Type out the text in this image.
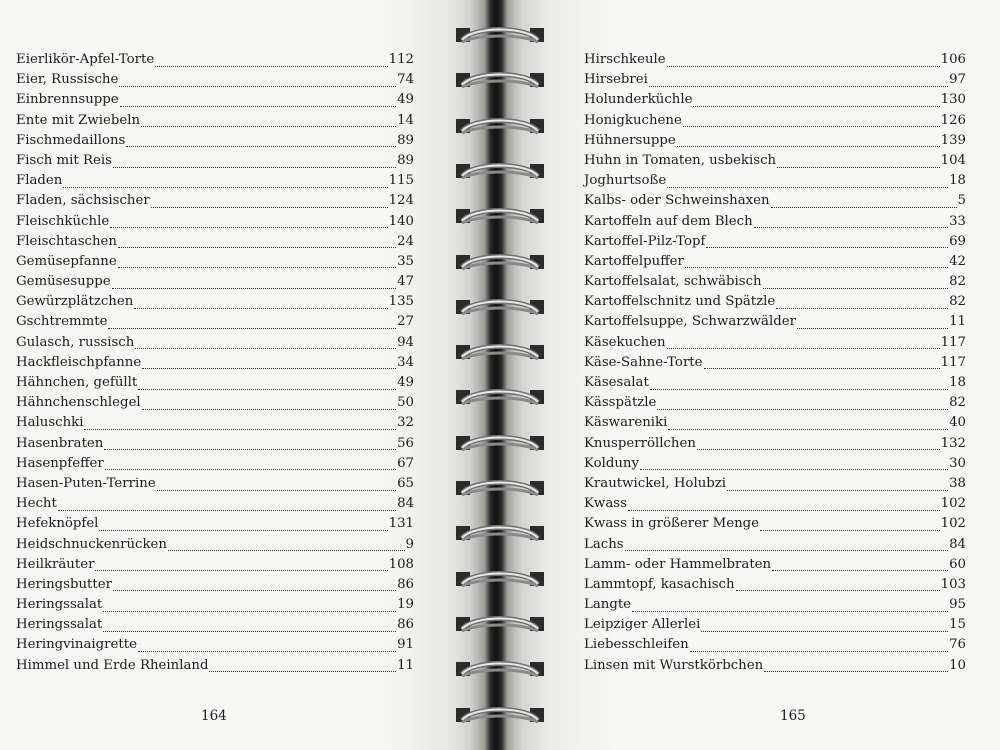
Eierlikör-Apfel-Torte	112
Eier, Russische	74
Einbrennsuppe	49
Ente mit Zwiebeln	14
Fischmedaillons	89
Fisch mit Reis	89
Fladen	115
Fladen, sächsischer	124
Fleischküchle	140
Fleischtaschen	24
Gemüsepfanne	35
Gemüsesuppe	47
Gewürzplätzchen	135
Gschtremmte	27
Gulasch, russisch	94
Hackfleischpfanne	34
Hähnchen, gefüllt	49
Hähnchenschlegel	50
Haluschki	32
Hasenbraten	56
Hasenpfeffer	67
Hasen-Puten-Terrine	65
Hecht	84
Hefeknöpfel	131
Heidschnuckenrücken	9
Heilkräuter	108
Heringsbutter	86
Heringssalat	19
Heringssalat	86
Heringvinaigrette	91
Himmel und Erde Rheinland	11
164
Hirschkeule	106
Hirsebrei	97
Holunderküchle	130
Honigkuchene	126
Hühnersuppe	139
Huhn in Tomaten, usbekisch	104
Joghurtsoße	18
Kalbs- oder Schweinshaxen	5
Kartoffeln auf dem Blech	33
Kartoffel-Pilz-Topf	69
Kartoffelpuffer	42
Kartoffelsalat, schwäbisch	82
Kartoffelschnitz und Spätzle	82
Kartoffelsuppe, Schwarzwälder	11
Käsekuchen	117
Käse-Sahne-Torte	117
Käsesalat	18
Kässpätzle	82
Käswareniki	40
Knusperröllchen	132
Kolduny	30
Krautwickel, Holubzi	38
Kwass	102
Kwass in größerer Menge	102
Lachs	84
Lamm- oder Hammelbraten	60
Lammtopf, kasachisch	103
Langte	95
Leipziger Allerlei	15
Liebesschleifen	76
Linsen mit Wurstkörbchen	10
165
